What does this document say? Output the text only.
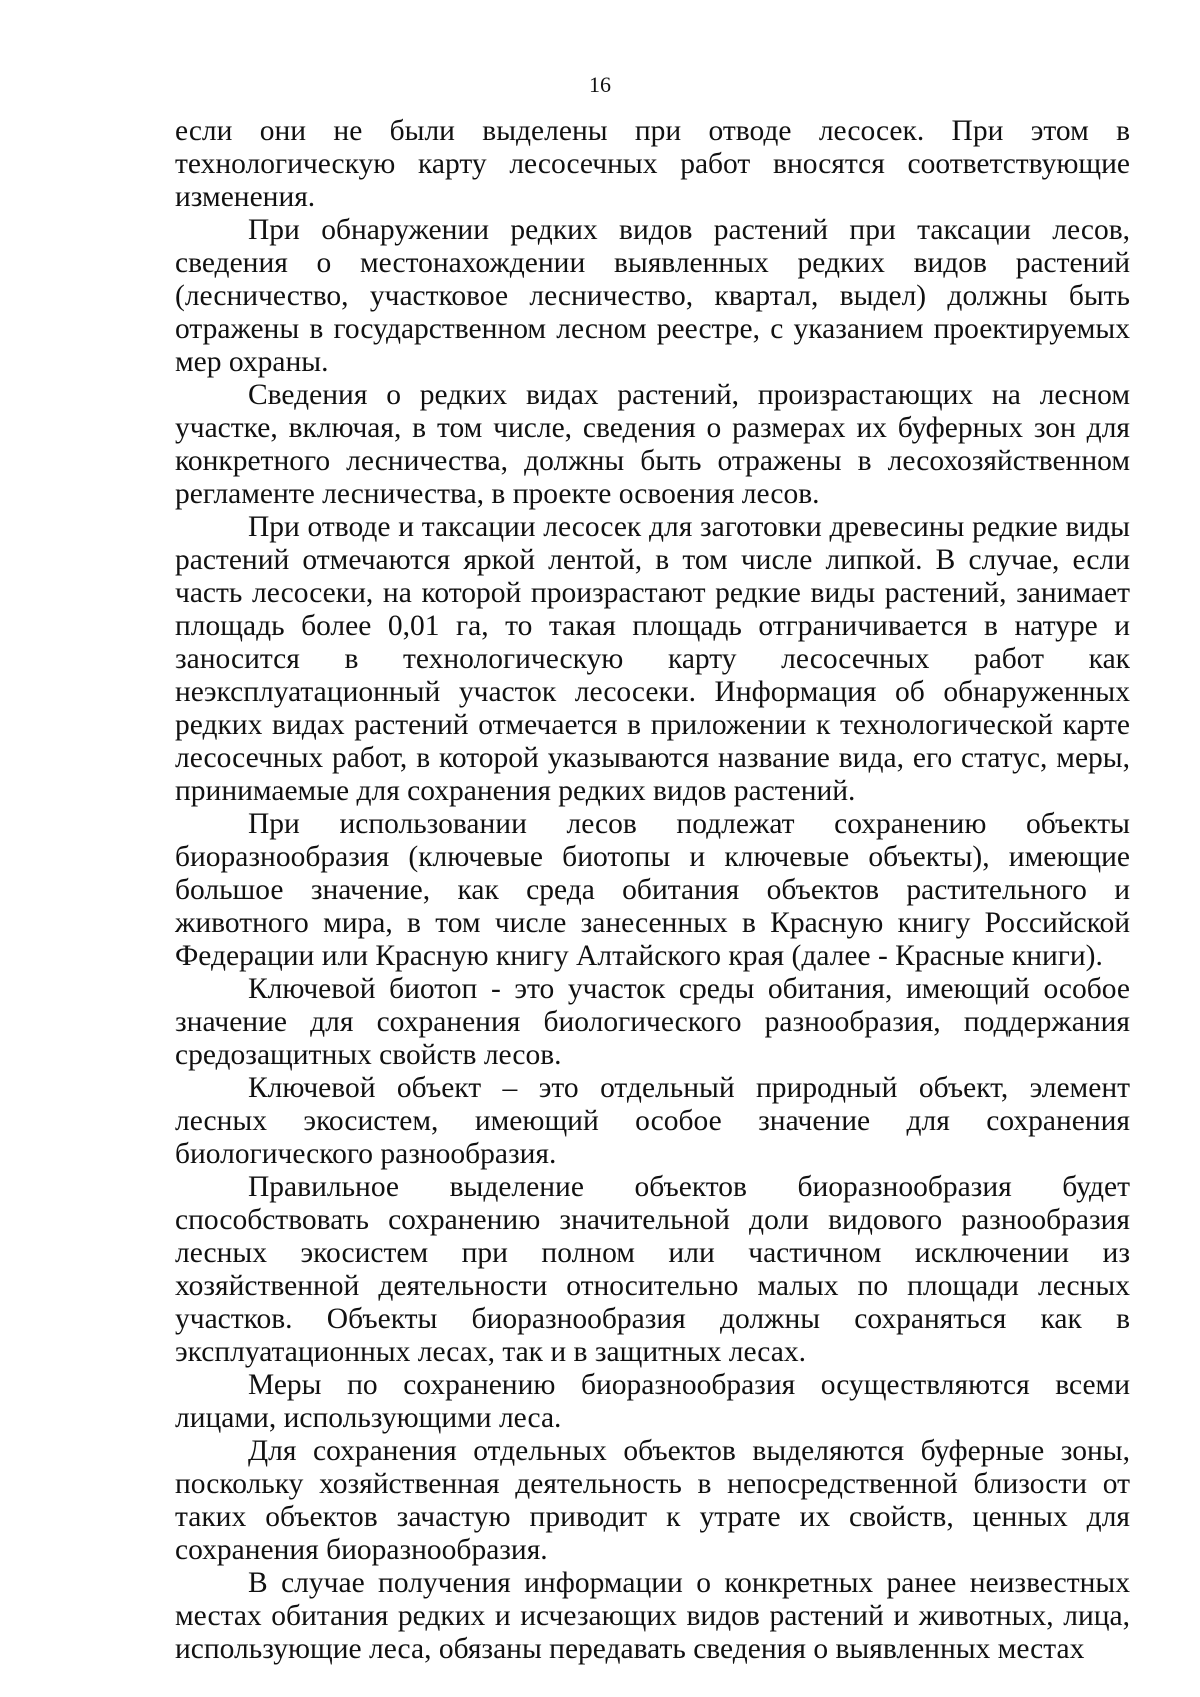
16

если они не были выделены при отводе лесосек. При этом в технологическую карту лесосечных работ вносятся соответствующие изменения.

При обнаружении редких видов растений при таксации лесов, сведения о местонахождении выявленных редких видов растений (лесничество, участковое лесничество, квартал, выдел) должны быть отражены в государственном лесном реестре, с указанием проектируемых мер охраны.

Сведения о редких видах растений, произрастающих на лесном участке, включая, в том числе, сведения о размерах их буферных зон для конкретного лесничества, должны быть отражены в лесохозяйственном регламенте лесничества, в проекте освоения лесов.

При отводе и таксации лесосек для заготовки древесины редкие виды растений отмечаются яркой лентой, в том числе липкой. В случае, если часть лесосеки, на которой произрастают редкие виды растений, занимает площадь более 0,01 га, то такая площадь отграничивается в натуре и заносится в технологическую карту лесосечных работ как неэксплуатационный участок лесосеки. Информация об обнаруженных редких видах растений отмечается в приложении к технологической карте лесосечных работ, в которой указываются название вида, его статус, меры, принимаемые для сохранения редких видов растений.

При использовании лесов подлежат сохранению объекты биоразнообразия (ключевые биотопы и ключевые объекты), имеющие большое значение, как среда обитания объектов растительного и животного мира, в том числе занесенных в Красную книгу Российской Федерации или Красную книгу Алтайского края (далее - Красные книги).

Ключевой биотоп - это участок среды обитания, имеющий особое значение для сохранения биологического разнообразия, поддержания средозащитных свойств лесов.

Ключевой объект – это отдельный природный объект, элемент лесных экосистем, имеющий особое значение для сохранения биологического разнообразия.

Правильное выделение объектов биоразнообразия будет способствовать сохранению значительной доли видового разнообразия лесных экосистем при полном или частичном исключении из хозяйственной деятельности относительно малых по площади лесных участков. Объекты биоразнообразия должны сохраняться как в эксплуатационных лесах, так и в защитных лесах.

Меры по сохранению биоразнообразия осуществляются всеми лицами, использующими леса.

Для сохранения отдельных объектов выделяются буферные зоны, поскольку хозяйственная деятельность в непосредственной близости от таких объектов зачастую приводит к утрате их свойств, ценных для сохранения биоразнообразия.

В случае получения информации о конкретных ранее неизвестных местах обитания редких и исчезающих видов растений и животных, лица, использующие леса, обязаны передавать сведения о выявленных местах
